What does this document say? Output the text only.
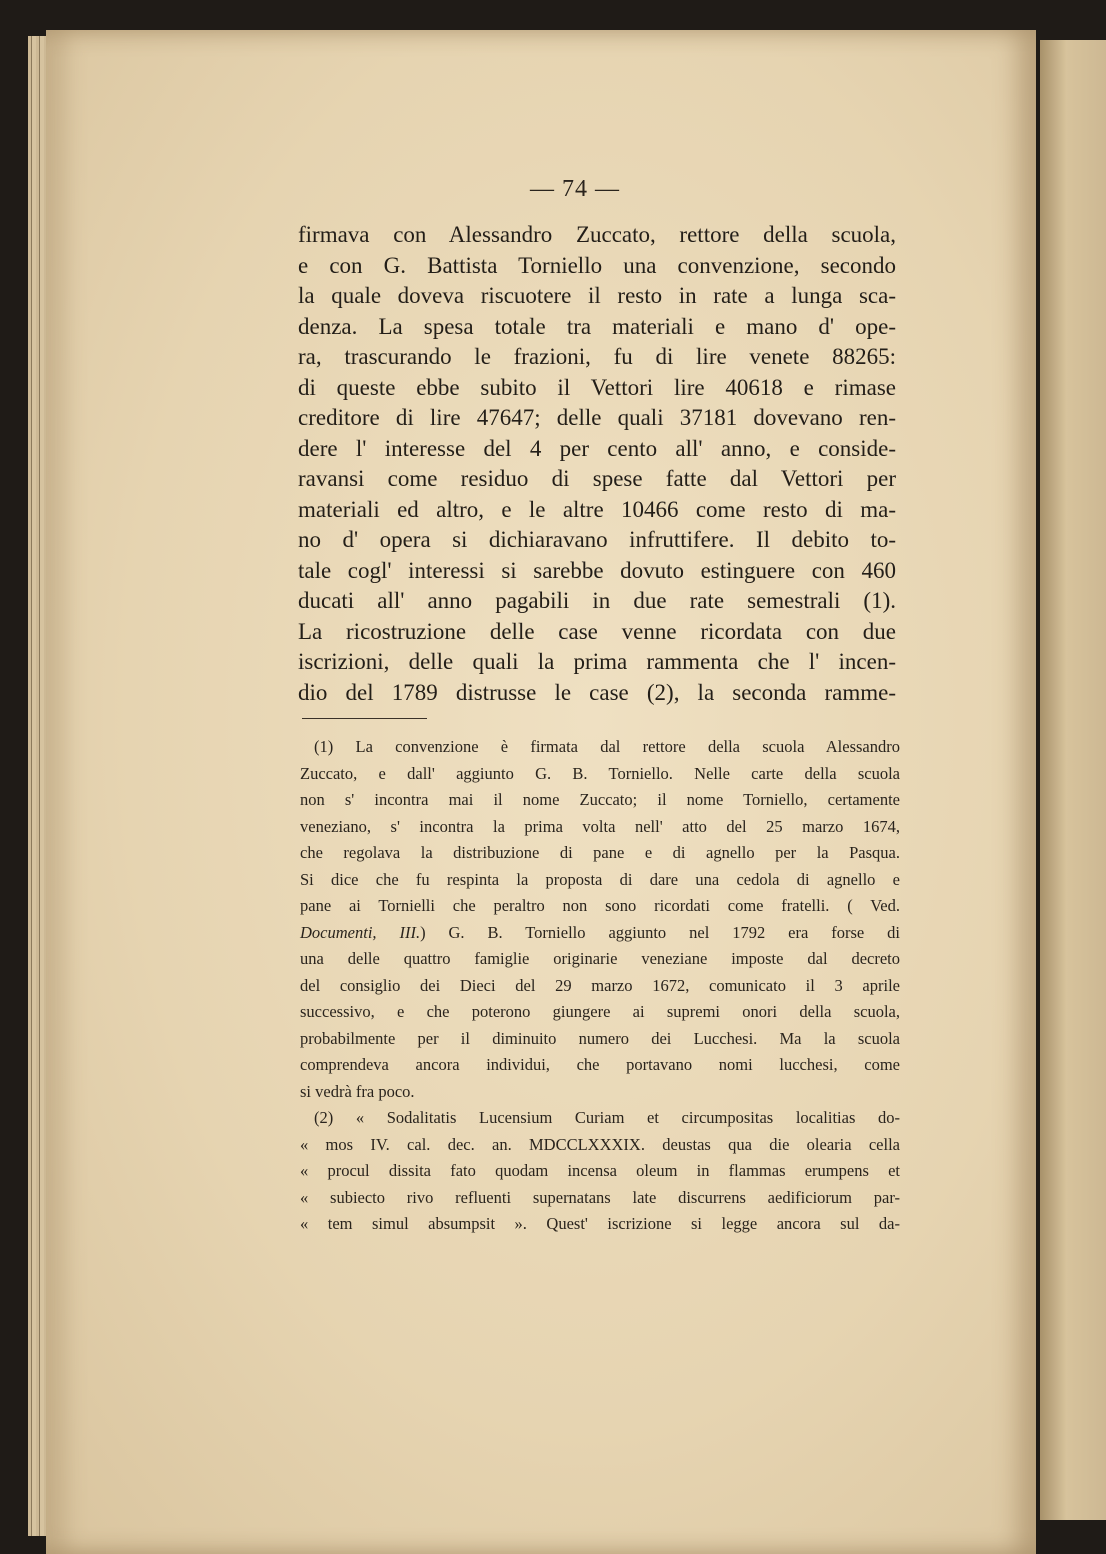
— 74 —
firmava con Alessandro Zuccato, rettore della scuola,
e con G. Battista Torniello una convenzione, secondo
la quale doveva riscuotere il resto in rate a lunga sca-
denza. La spesa totale tra materiali e mano d' ope-
ra, trascurando le frazioni, fu di lire venete 88265:
di queste ebbe subito il Vettori lire 40618 e rimase
creditore di lire 47647; delle quali 37181 dovevano ren-
dere l' interesse del 4 per cento all' anno, e conside-
ravansi come residuo di spese fatte dal Vettori per
materiali ed altro, e le altre 10466 come resto di ma-
no d' opera si dichiaravano infruttifere. Il debito to-
tale cogl' interessi si sarebbe dovuto estinguere con 460
ducati all' anno pagabili in due rate semestrali (1).
La ricostruzione delle case venne ricordata con due
iscrizioni, delle quali la prima rammenta che l' incen-
dio del 1789 distrusse le case (2), la seconda ramme-
(1) La convenzione è firmata dal rettore della scuola Alessandro
Zuccato, e dall' aggiunto G. B. Torniello. Nelle carte della scuola
non s' incontra mai il nome Zuccato; il nome Torniello, certamente
veneziano, s' incontra la prima volta nell' atto del 25 marzo 1674,
che regolava la distribuzione di pane e di agnello per la Pasqua.
Si dice che fu respinta la proposta di dare una cedola di agnello e
pane ai Tornielli che peraltro non sono ricordati come fratelli. ( Ved.
Documenti, III.) G. B. Torniello aggiunto nel 1792 era forse di
una delle quattro famiglie originarie veneziane imposte dal decreto
del consiglio dei Dieci del 29 marzo 1672, comunicato il 3 aprile
successivo, e che poterono giungere ai supremi onori della scuola,
probabilmente per il diminuito numero dei Lucchesi. Ma la scuola
comprendeva ancora individui, che portavano nomi lucchesi, come
si vedrà fra poco.
(2) « Sodalitatis Lucensium Curiam et circumpositas localitias do-
« mos IV. cal. dec. an. MDCCLXXXIX. deustas qua die olearia cella
« procul dissita fato quodam incensa oleum in flammas erumpens et
« subiecto rivo refluenti supernatans late discurrens aedificiorum par-
« tem simul absumpsit ». Quest' iscrizione si legge ancora sul da-
